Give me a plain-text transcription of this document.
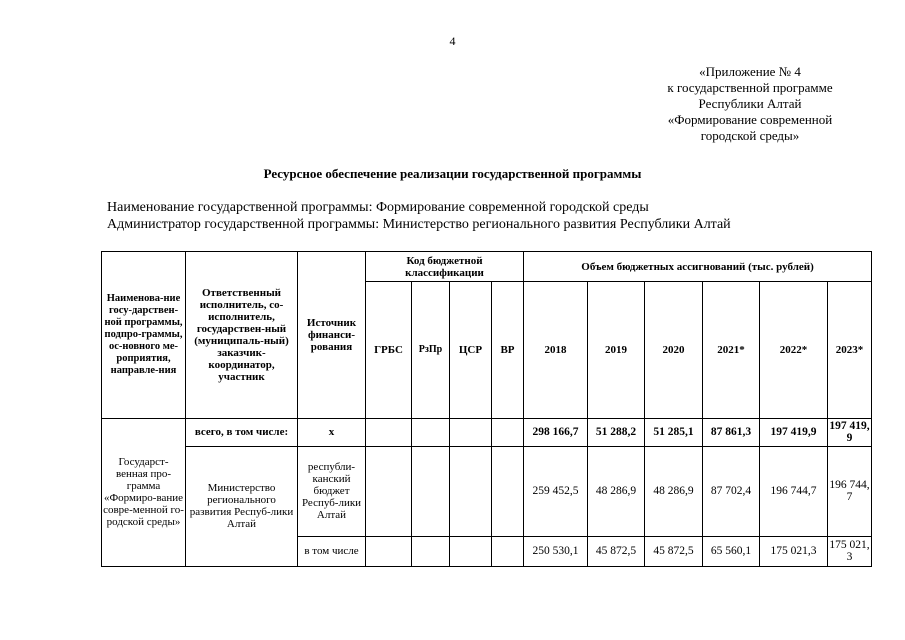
4
«Приложение № 4
к государственной программе
Республики Алтай
«Формирование современной
городской среды»
Ресурсное обеспечение реализации государственной программы
Наименование государственной программы: Формирование современной городской среды
Администратор государственной программы: Министерство регионального развития Республики Алтай
Наименова-ние госу-дарствен-ной программы, подпро-граммы, ос-новного ме-роприятия, направле-ния	Ответственный исполнитель, со-исполнитель, государствен-ный (муниципаль-ный) заказчик-координатор, участник	Источник финанси-рования	Код бюджетной классификации				Объем бюджетных ассигнований (тыс. рублей)					
			ГРБС	РзПр	ЦСР	ВР	2018	2019	2020	2021*	2022*	2023*
Государст-венная про-грамма «Формиро-вание совре-менной го-родской среды»	всего, в том числе:	х					298 166,7	51 288,2	51 285,1	87 861,3	197 419,9	197 419,9
	Министерство регионального развития Респуб-лики Алтай	республи-канский бюджет Респуб-лики Алтай					259 452,5	48 286,9	48 286,9	87 702,4	196 744,7	196 744,7
		в том числе					250 530,1	45 872,5	45 872,5	65 560,1	175 021,3	175 021,3
